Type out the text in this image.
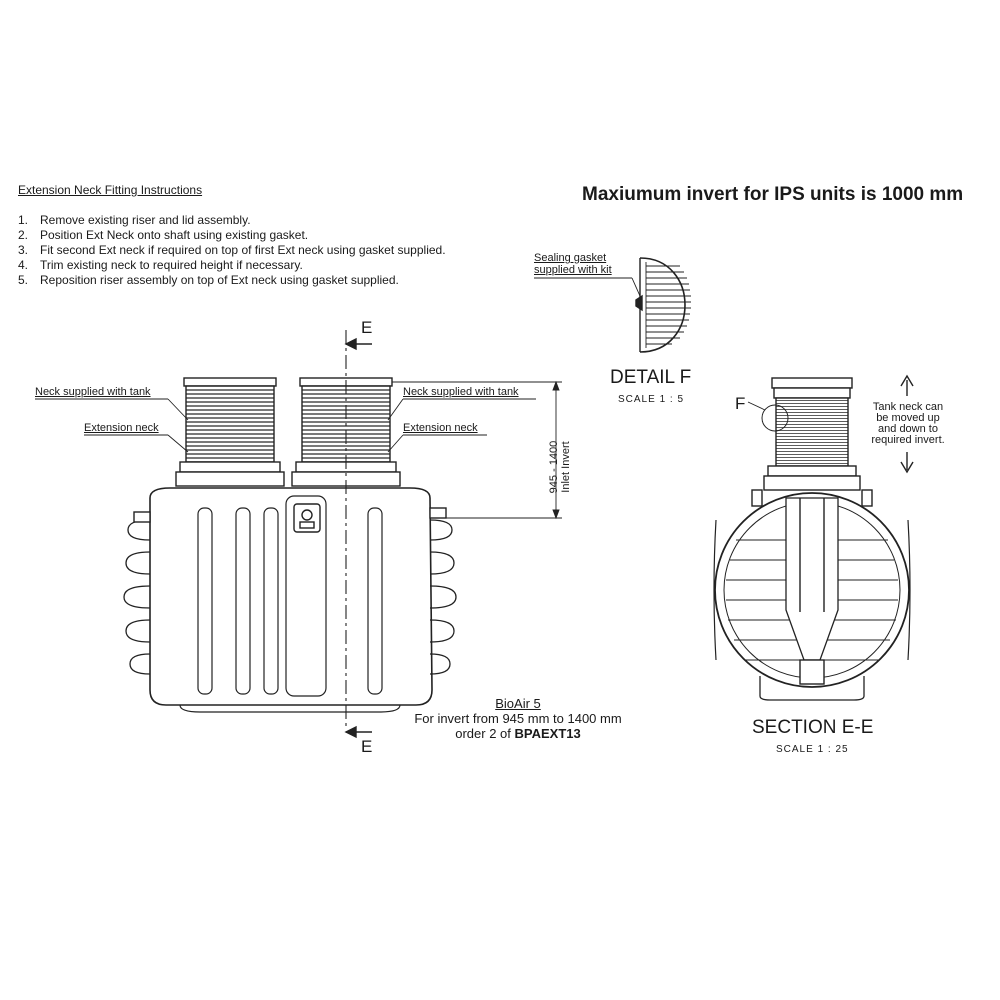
Extension Neck Fitting Instructions
1. Remove existing riser and lid assembly.
2. Position Ext Neck onto shaft using existing gasket.
3. Fit second Ext neck if required on top of first Ext neck using gasket supplied.
4. Trim existing neck to required height if necessary.
5. Reposition riser assembly on top of Ext neck using gasket supplied.
Maxiumum invert for IPS units is 1000 mm
Sealing gasket
supplied with kit
DETAIL F
SCALE 1 : 5
E
E
Neck supplied with tank
Extension neck
Neck supplied with tank
Extension neck
945 - 1400 Inlet Invert
BioAir 5
For invert from 945 mm to 1400 mm
order 2 of BPAEXT13
F	Tank neck can
be moved up
and down to
required invert.
SECTION E-E
SCALE 1 : 25
